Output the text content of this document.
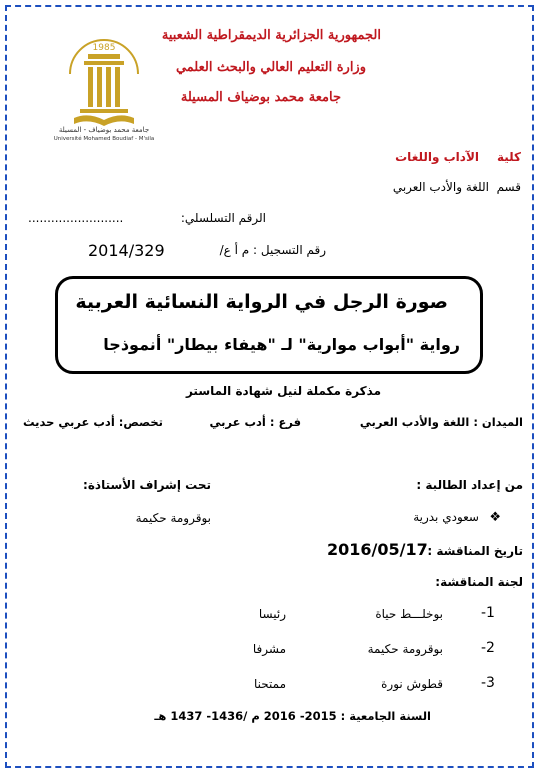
الجمهورية الجزائرية الديمقراطية الشعبية
وزارة التعليم العالي والبحث العلمي
جامعة محمد بوضياف المسيلة
1985
جامعة محمد بوضياف - المسيلة
Université Mohamed Boudiaf - M'sila
كلية
الآداب واللغات
قسم
اللغة والأدب العربي
الرقم التسلسلي:
.........................
رقم التسجيل : م أ ع/
2014/329
صورة الرجل في الرواية النسائية العربية
رواية "أبواب موارية" لـ "هيفاء بيطار" أنموذجا
مذكرة مكملة لنيل شهادة الماستر
الميدان : اللغة والأدب العربي
فرع : أدب عربي
تخصص: أدب عربي حديث
من إعداد الطالبة :
تحت إشراف الأستاذة:
❖
سعودي بدرية
بوقرومة حكيمة
تاريخ المناقشة :
2016/05/17
لجنة المناقشة:
-1
بوخلـــط حياة
رئيسا
-2
بوقرومة حكيمة
مشرفا
-3
قطوش نورة
ممتحنا
السنة الجامعية : 2015- 2016 م /1436- 1437 هـ
